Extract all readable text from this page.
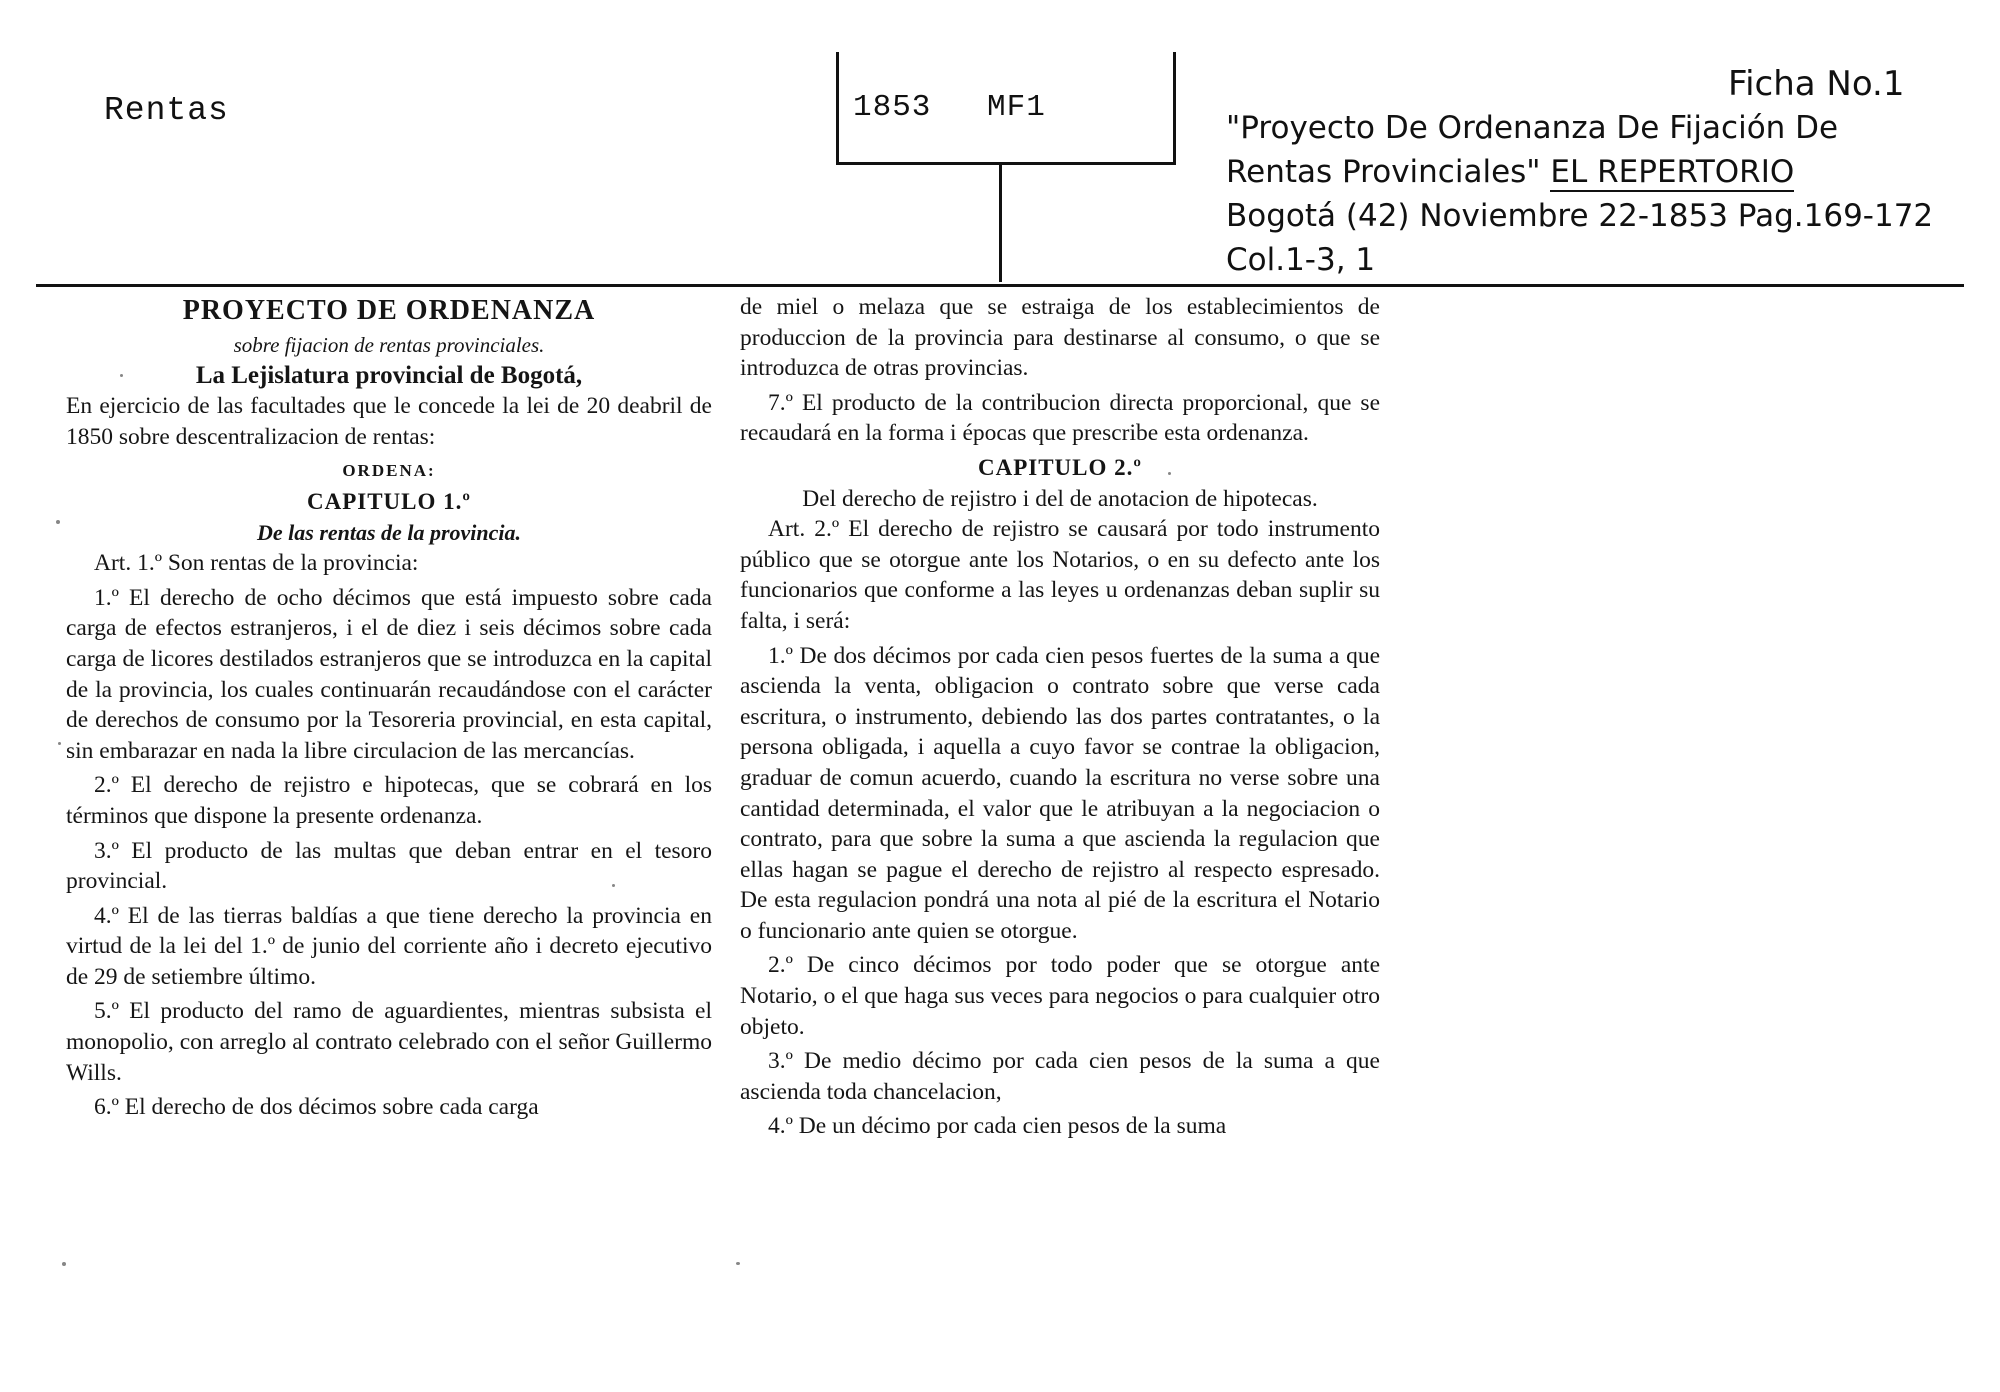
Rentas	1853 MF1
Ficha No.1
"Proyecto De Ordenanza De Fijación De
Rentas Provinciales" EL REPERTORIO
Bogotá (42) Noviembre 22-1853 Pag.169-172
Col.1-3, 1

PROYECTO DE ORDENANZA

sobre fijacion de rentas provinciales.

La Lejislatura provincial de Bogotá,

En ejercicio de las facultades que le concede la lei de 20 deabril de 1850 sobre descentralizacion de rentas:

ORDENA:

CAPITULO 1.º

De las rentas de la provincia.

Art. 1.º Son rentas de la provincia:

1.º El derecho de ocho décimos que está impuesto sobre cada carga de efectos estranjeros, i el de diez i seis décimos sobre cada carga de licores destilados estranjeros que se introduzca en la capital de la provincia, los cuales continuarán recaudándose con el carácter de derechos de consumo por la Tesoreria provincial, en esta capital, sin embarazar en nada la libre circulacion de las mercancías.

2.º El derecho de rejistro e hipotecas, que se cobrará en los términos que dispone la presente ordenanza.

3.º El producto de las multas que deban entrar en el tesoro provincial.

4.º El de las tierras baldías a que tiene derecho la provincia en virtud de la lei del 1.º de junio del corriente año i decreto ejecutivo de 29 de setiembre último.

5.º El producto del ramo de aguardientes, mientras subsista el monopolio, con arreglo al contrato celebrado con el señor Guillermo Wills.

6.º El derecho de dos décimos sobre cada carga

de miel o melaza que se estraiga de los establecimientos de produccion de la provincia para destinarse al consumo, o que se introduzca de otras provincias.

7.º El producto de la contribucion directa proporcional, que se recaudará en la forma i épocas que prescribe esta ordenanza.

CAPITULO 2.º

Del derecho de rejistro i del de anotacion de hipotecas.

Art. 2.º El derecho de rejistro se causará por todo instrumento público que se otorgue ante los Notarios, o en su defecto ante los funcionarios que conforme a las leyes u ordenanzas deban suplir su falta, i será:

1.º De dos décimos por cada cien pesos fuertes de la suma a que ascienda la venta, obligacion o contrato sobre que verse cada escritura, o instrumento, debiendo las dos partes contratantes, o la persona obligada, i aquella a cuyo favor se contrae la obligacion, graduar de comun acuerdo, cuando la escritura no verse sobre una cantidad determinada, el valor que le atribuyan a la negociacion o contrato, para que sobre la suma a que ascienda la regulacion que ellas hagan se pague el derecho de rejistro al respecto espresado. De esta regulacion pondrá una nota al pié de la escritura el Notario o funcionario ante quien se otorgue.

2.º De cinco décimos por todo poder que se otorgue ante Notario, o el que haga sus veces para negocios o para cualquier otro objeto.

3.º De medio décimo por cada cien pesos de la suma a que ascienda toda chancelacion,

4.º De un décimo por cada cien pesos de la suma
